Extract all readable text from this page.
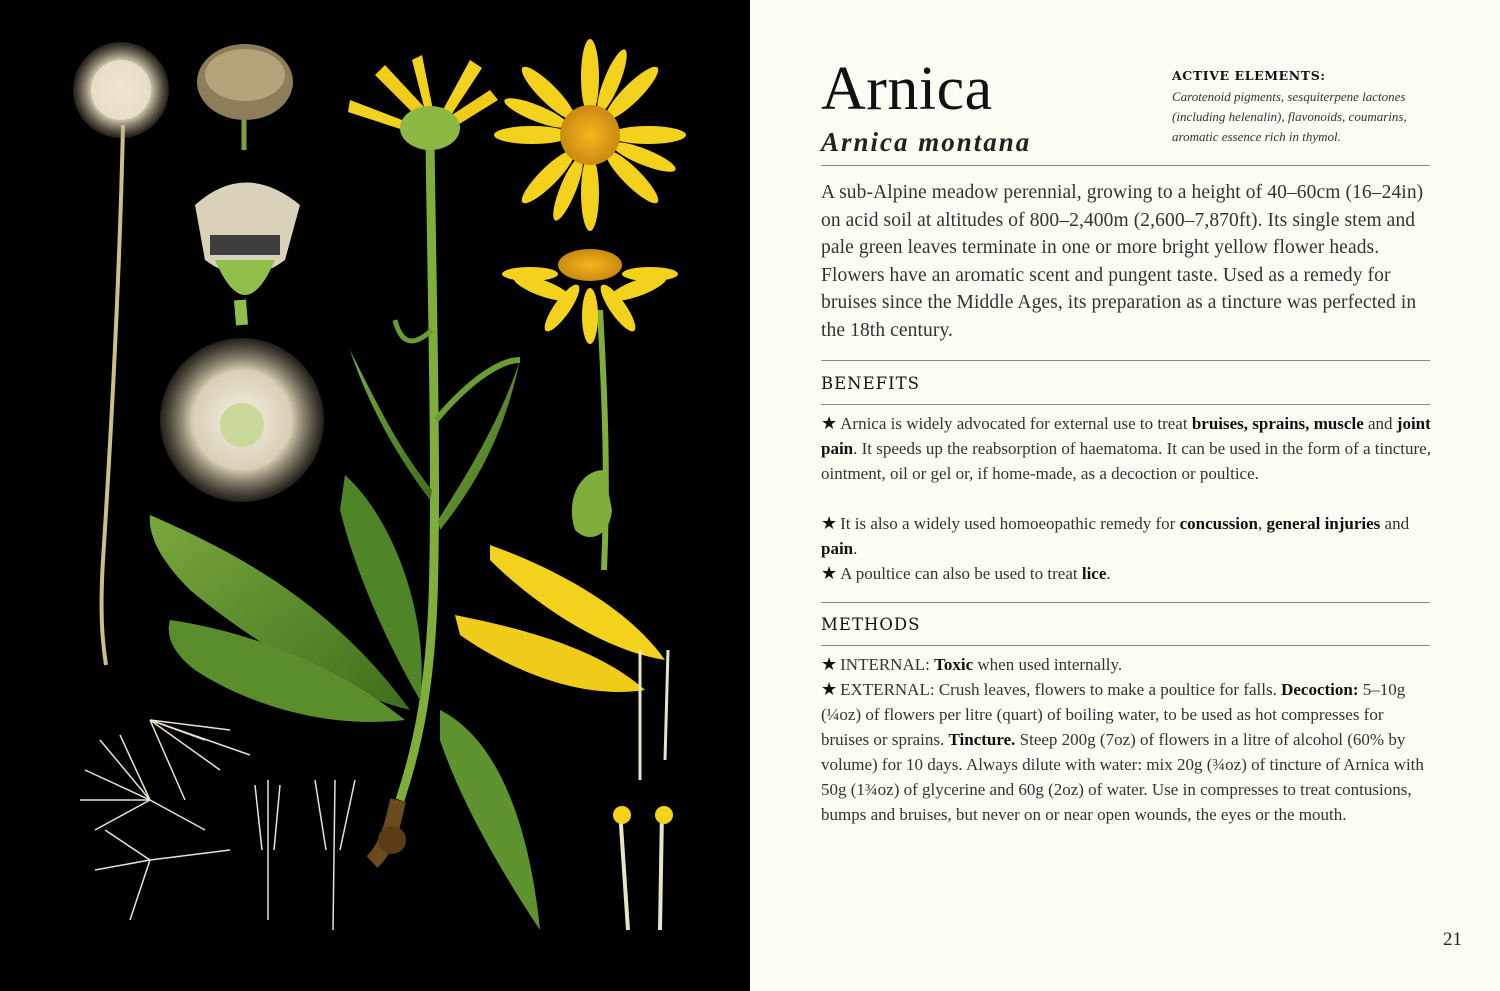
Arnica
Arnica montana
ACTIVE ELEMENTS:
Carotenoid pigments, sesquiterpene lactones (including helenalin), flavonoids, coumarins, aromatic essence rich in thymol.

A sub-Alpine meadow perennial, growing to a height of 40–60cm (16–24in) on acid soil at altitudes of 800–2,400m (2,600–7,870ft). Its single stem and pale green leaves terminate in one or more bright yellow flower heads. Flowers have an aromatic scent and pungent taste. Used as a remedy for bruises since the Middle Ages, its preparation as a tincture was perfected in the 18th century.

BENEFITS

★ Arnica is widely advocated for external use to treat bruises, sprains, muscle and joint pain. It speeds up the reabsorption of haematoma. It can be used in the form of a tincture, ointment, oil or gel or, if home-made, as a decoction or poultice.

★ It is also a widely used homoeopathic remedy for concussion, general injuries and pain.

★ A poultice can also be used to treat lice.

METHODS

★ INTERNAL: Toxic when used internally.

★ EXTERNAL: Crush leaves, flowers to make a poultice for falls. Decoction: 5–10g (¼oz) of flowers per litre (quart) of boiling water, to be used as hot compresses for bruises or sprains. Tincture. Steep 200g (7oz) of flowers in a litre of alcohol (60% by volume) for 10 days. Always dilute with water: mix 20g (¾oz) of tincture of Arnica with 50g (1¾oz) of glycerine and 60g (2oz) of water. Use in compresses to treat contusions, bumps and bruises, but never on or near open wounds, the eyes or the mouth.

21
